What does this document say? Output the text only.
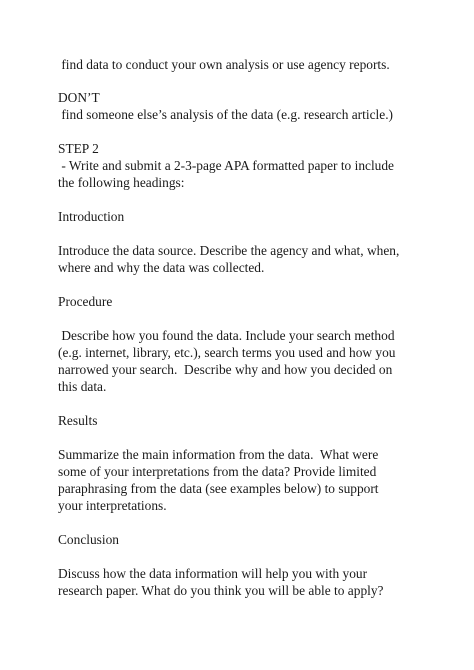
find data to conduct your own analysis or use agency reports.

DON’T

find someone else’s analysis of the data (e.g. research article.)

STEP 2

- Write and submit a 2-3-page APA formatted paper to include

the following headings:

Introduction

Introduce the data source. Describe the agency and what, when,

where and why the data was collected.

Procedure

Describe how you found the data. Include your search method

(e.g. internet, library, etc.), search terms you used and how you

narrowed your search.  Describe why and how you decided on

this data.

Results

Summarize the main information from the data.  What were

some of your interpretations from the data? Provide limited

paraphrasing from the data (see examples below) to support

your interpretations.

Conclusion

Discuss how the data information will help you with your

research paper. What do you think you will be able to apply?
